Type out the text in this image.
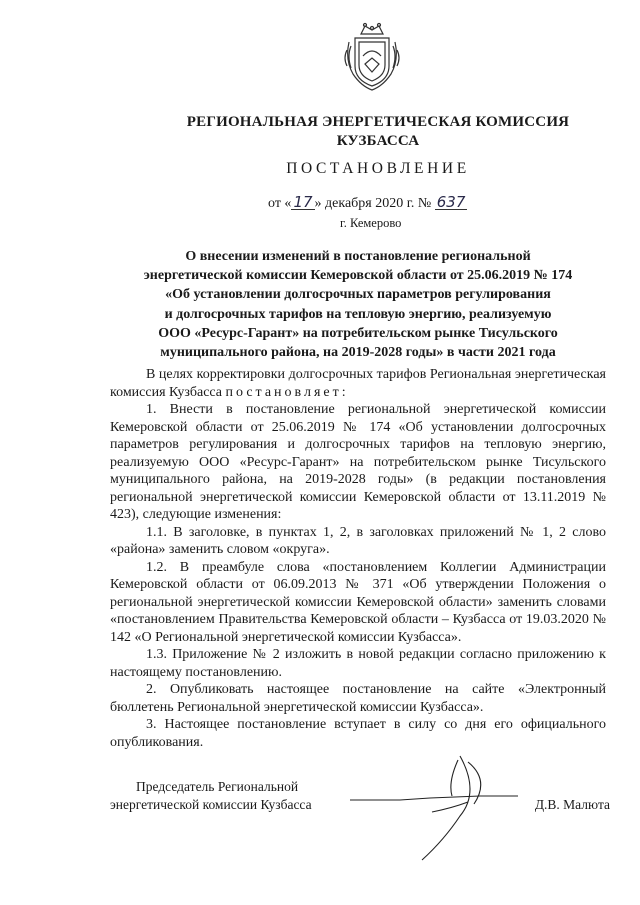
РЕГИОНАЛЬНАЯ ЭНЕРГЕТИЧЕСКАЯ КОМИССИЯ
КУЗБАССА
ПОСТАНОВЛЕНИЕ
от « 17 » декабря 2020 г. № 637
г. Кемерово
О внесении изменений в постановление региональной
энергетической комиссии Кемеровской области от 25.06.2019 № 174
«Об установлении долгосрочных параметров регулирования
и долгосрочных тарифов на тепловую энергию, реализуемую
ООО «Ресурс-Гарант» на потребительском рынке Тисульского
муниципального района, на 2019-2028 годы» в части 2021 года

В целях корректировки долгосрочных тарифов Региональная энергетическая комиссия Кузбасса постановляет:

1. Внести в постановление региональной энергетической комиссии Кемеровской области от 25.06.2019 № 174 «Об установлении долгосрочных параметров регулирования и долгосрочных тарифов на тепловую энергию, реализуемую ООО «Ресурс-Гарант» на потребительском рынке Тисульского муниципального района, на 2019-2028 годы» (в редакции постановления региональной энергетической комиссии Кемеровской области от 13.11.2019 № 423), следующие изменения:

1.1. В заголовке, в пунктах 1, 2, в заголовках приложений № 1, 2 слово «района» заменить словом «округа».

1.2. В преамбуле слова «постановлением Коллегии Администрации Кемеровской области от 06.09.2013 № 371 «Об утверждении Положения о региональной энергетической комиссии Кемеровской области» заменить словами «постановлением Правительства Кемеровской области – Кузбасса от 19.03.2020 № 142 «О Региональной энергетической комиссии Кузбасса».

1.3. Приложение № 2 изложить в новой редакции согласно приложению к настоящему постановлению.

2. Опубликовать настоящее постановление на сайте «Электронный бюллетень Региональной энергетической комиссии Кузбасса».

3. Настоящее постановление вступает в силу со дня его официального опубликования.

Председатель Региональной
энергетической комиссии Кузбасса	Д.В. Малюта
